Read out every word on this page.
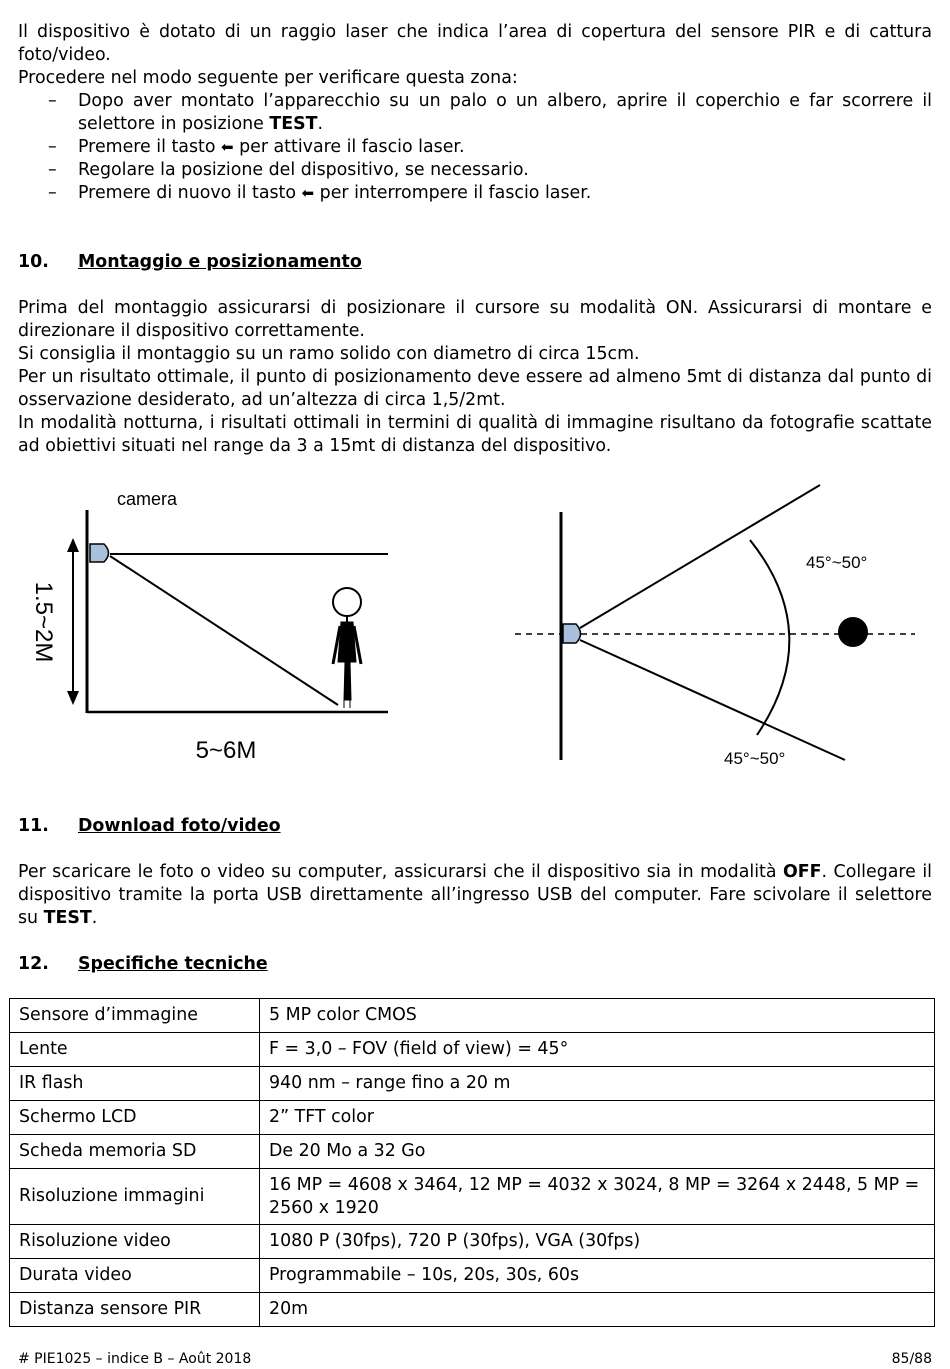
Il dispositivo è dotato di un raggio laser che indica l’area di copertura del sensore PIR e di cattura foto/video.

Procedere nel modo seguente per verificare questa zona:

– Dopo aver montato l’apparecchio su un palo o un albero, aprire il coperchio e far scorrere il selettore in posizione TEST.
– Premere il tasto ⬅ per attivare il fascio laser.
– Regolare la posizione del dispositivo, se necessario.
– Premere di nuovo il tasto ⬅ per interrompere il fascio laser.
10. Montaggio e posizionamento

Prima del montaggio assicurarsi di posizionare il cursore su modalità ON. Assicurarsi di montare e direzionare il dispositivo correttamente.

Si consiglia il montaggio su un ramo solido con diametro di circa 15cm.

Per un risultato ottimale, il punto di posizionamento deve essere ad almeno 5mt di distanza dal punto di osservazione desiderato, ad un’altezza di circa 1,5/2mt.

In modalità notturna, i risultati ottimali in termini di qualità di immagine risultano da fotografie scattate ad obiettivi situati nel range da 3 a 15mt di distanza del dispositivo.

camera
1.5~2M
5~6M
45°~50°
45°~50°
11. Download foto/video

Per scaricare le foto o video su computer, assicurarsi che il dispositivo sia in modalità OFF. Collegare il dispositivo tramite la porta USB direttamente all’ingresso USB del computer. Fare scivolare il selettore su TEST.

12. Specifiche tecniche
Sensore d’immagine	5 MP color CMOS
Lente	F = 3,0 – FOV (field of view) = 45°
IR flash	940 nm – range fino a 20 m
Schermo LCD	2” TFT color
Scheda memoria SD	De 20 Mo a 32 Go
Risoluzione immagini	16 MP = 4608 x 3464, 12 MP = 4032 x 3024, 8 MP = 3264 x 2448, 5 MP = 2560 x 1920
Risoluzione video	1080 P (30fps), 720 P (30fps), VGA (30fps)
Durata video	Programmabile – 10s, 20s, 30s, 60s
Distanza sensore PIR	20m
# PIE1025 – indice B – Août 2018	85/88
